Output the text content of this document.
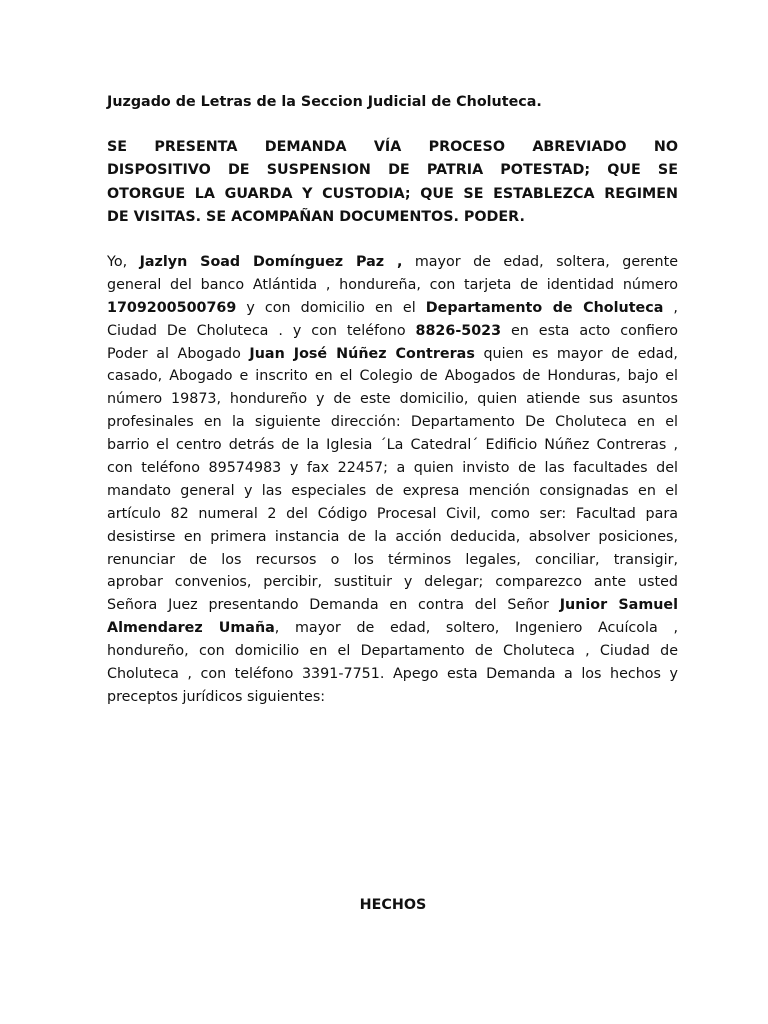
Juzgado de Letras de la Seccion Judicial de Choluteca.

SE PRESENTA DEMANDA VÍA PROCESO ABREVIADO NO
DISPOSITIVO DE SUSPENSION DE PATRIA POTESTAD; QUE SE
OTORGUE LA GUARDA Y CUSTODIA; QUE SE ESTABLEZCA REGIMEN
DE VISITAS. SE ACOMPAÑAN DOCUMENTOS. PODER.
Yo, Jazlyn Soad Domínguez Paz , mayor de edad, soltera, gerente
general del banco Atlántida , hondureña, con tarjeta de identidad número
1709200500769 y con domicilio en el Departamento de Choluteca ,
Ciudad De Choluteca . y con teléfono 8826-5023 en esta acto confiero
Poder al Abogado Juan José Núñez Contreras quien es mayor de edad,
casado, Abogado e inscrito en el Colegio de Abogados de Honduras, bajo el
número 19873, hondureño y de este domicilio, quien atiende sus asuntos
profesinales en la siguiente dirección: Departamento De Choluteca en el
barrio el centro detrás de la Iglesia ´La Catedral´ Edificio Núñez Contreras ,
con teléfono 89574983 y fax 22457; a quien invisto de las facultades del
mandato general y las especiales de expresa mención consignadas en el
artículo 82 numeral 2 del Código Procesal Civil, como ser: Facultad para
desistirse en primera instancia de la acción deducida, absolver posiciones,
renunciar de los recursos o los términos legales, conciliar, transigir,
aprobar convenios, percibir, sustituir y delegar; comparezco ante usted
Señora Juez presentando Demanda en contra del Señor Junior Samuel
Almendarez Umaña, mayor de edad, soltero, Ingeniero Acuícola ,
hondureño, con domicilio en el Departamento de Choluteca , Ciudad de
Choluteca , con teléfono 3391-7751. Apego esta Demanda a los hechos y
preceptos jurídicos siguientes:

HECHOS
